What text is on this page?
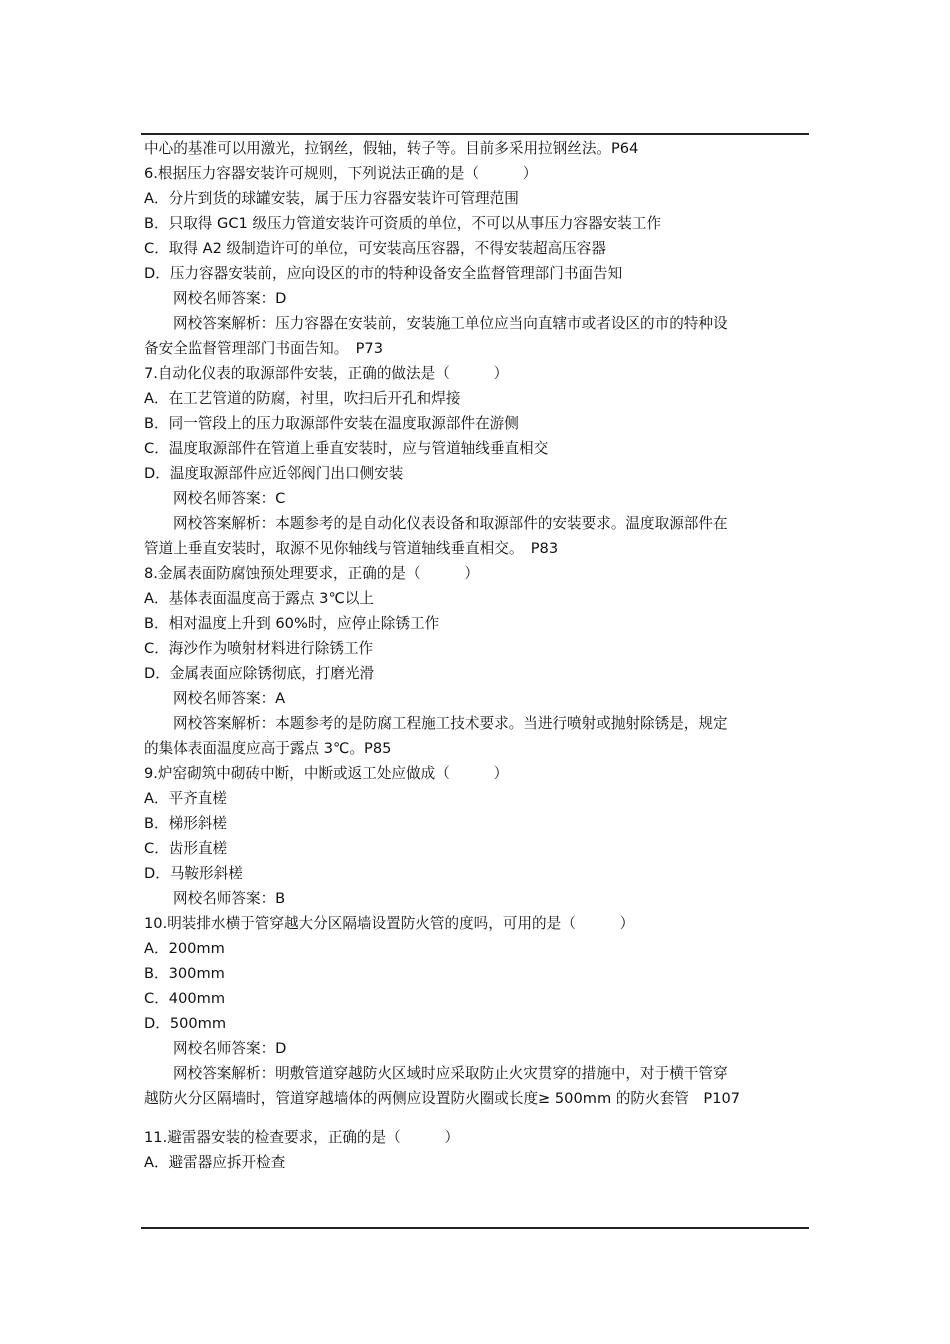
中心的基准可以用激光，拉钢丝，假轴，转子等。目前多采用拉钢丝法。P64
6.根据压力容器安装许可规则，下列说法正确的是（　　　）
A．分片到货的球罐安装，属于压力容器安装许可管理范围
B．只取得 GC1 级压力管道安装许可资质的单位，不可以从事压力容器安装工作
C．取得 A2 级制造许可的单位，可安装高压容器，不得安装超高压容器
D．压力容器安装前，应向设区的市的特种设备安全监督管理部门书面告知
网校名师答案：D
网校答案解析：压力容器在安装前，安装施工单位应当向直辖市或者设区的市的特种设
备安全监督管理部门书面告知。　P73
7.自动化仪表的取源部件安装，正确的做法是（　　　）
A．在工艺管道的防腐，衬里，吹扫后开孔和焊接
B．同一管段上的压力取源部件安装在温度取源部件在游侧
C．温度取源部件在管道上垂直安装时，应与管道轴线垂直相交
D．温度取源部件应近邻阀门出口侧安装
网校名师答案：C
网校答案解析：本题参考的是自动化仪表设备和取源部件的安装要求。温度取源部件在
管道上垂直安装时，取源不见你轴线与管道轴线垂直相交。　P83
8.金属表面防腐蚀预处理要求，正确的是（　　　）
A．基体表面温度高于露点 3℃以上
B．相对温度上升到 60%时，应停止除锈工作
C．海沙作为喷射材料进行除锈工作
D．金属表面应除锈彻底，打磨光滑
网校名师答案：A
网校答案解析：本题参考的是防腐工程施工技术要求。当进行喷射或抛射除锈是，规定
的集体表面温度应高于露点 3℃。P85
9.炉窑砌筑中砌砖中断，中断或返工处应做成（　　　）
A．平齐直槎
B．梯形斜槎
C．齿形直槎
D．马鞍形斜槎
网校名师答案：B
10.明装排水横于管穿越大分区隔墙设置防火管的度吗，可用的是（　　　）
A．200mm
B．300mm
C．400mm
D．500mm
网校名师答案：D
网校答案解析：明敷管道穿越防火区域时应采取防止火灾贯穿的措施中，对于横干管穿
越防火分区隔墙时，管道穿越墙体的两侧应设置防火圈或长度≥ 500mm 的防火套管　P107
11.避雷器安装的检查要求，正确的是（　　　）
A．避雷器应拆开检查
